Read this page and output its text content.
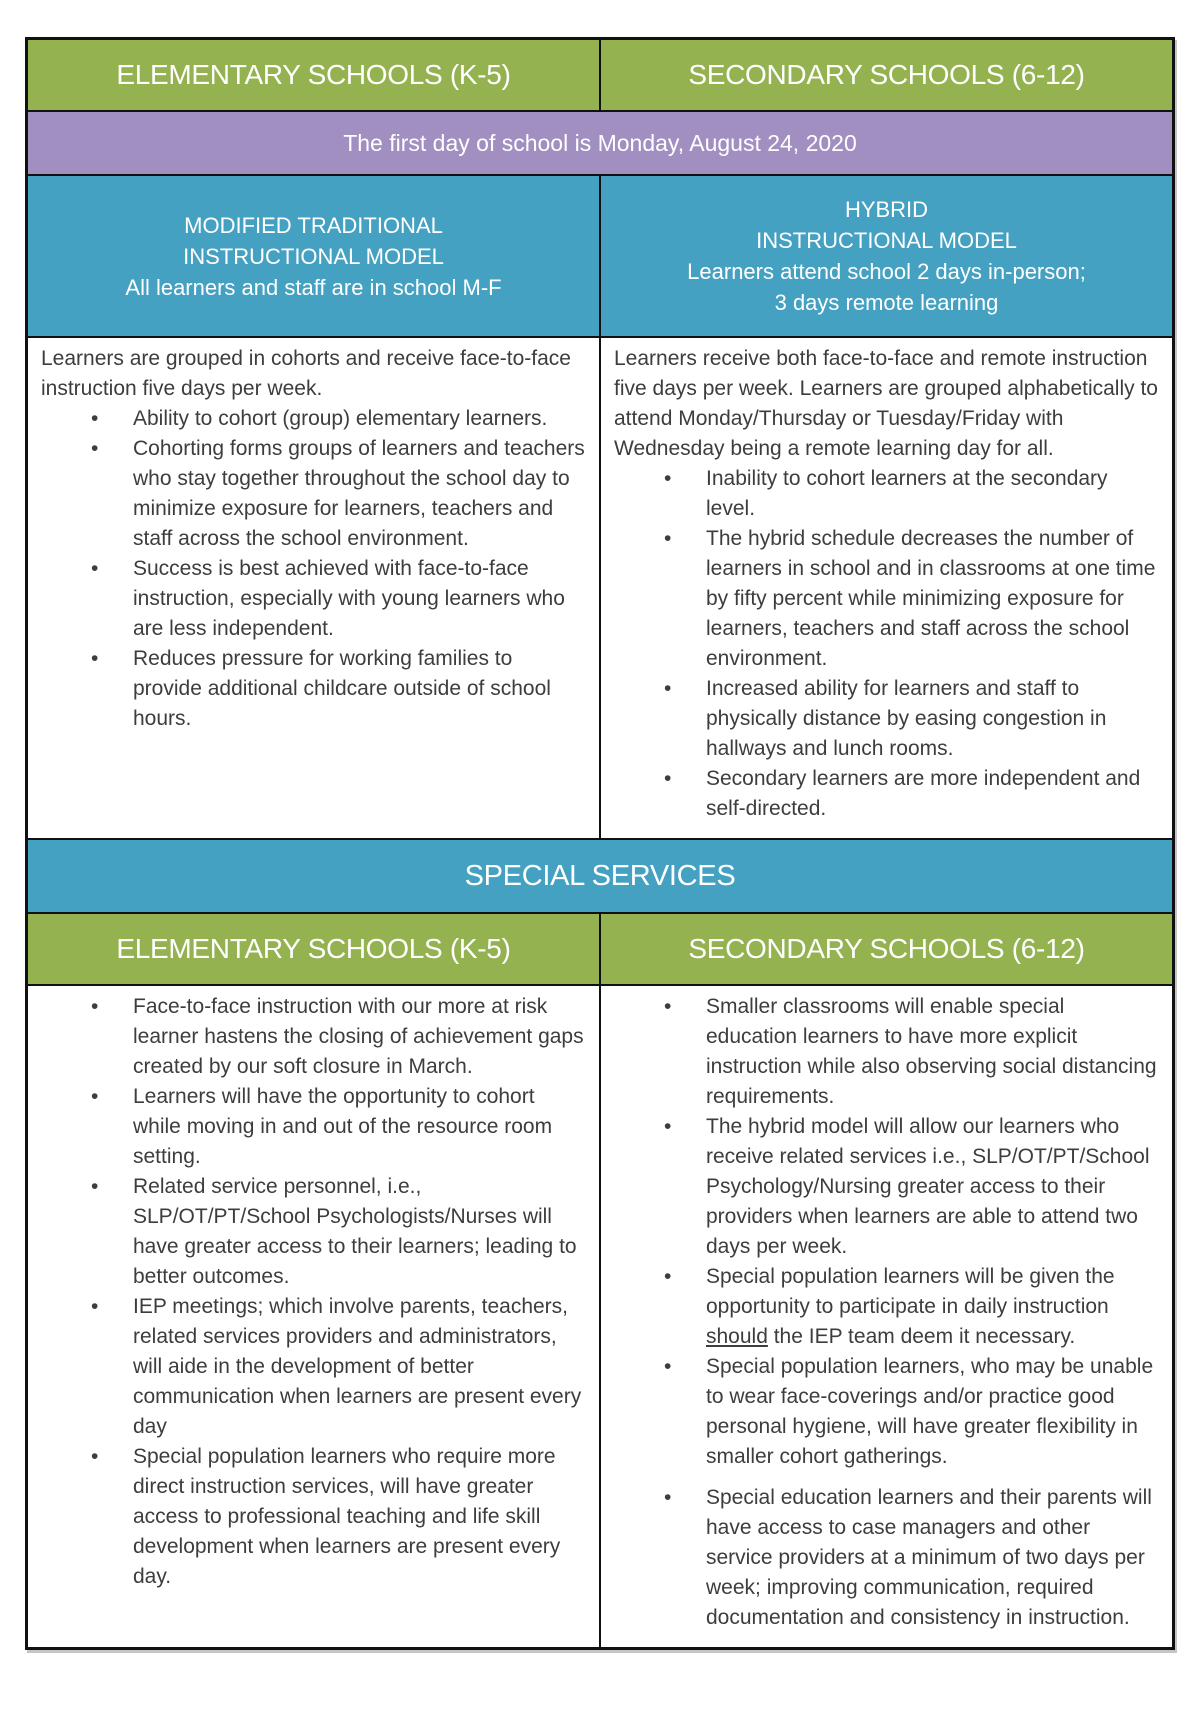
ELEMENTARY SCHOOLS (K-5)	SECONDARY SCHOOLS (6-12)
The first day of school is Monday, August 24, 2020
MODIFIED TRADITIONAL
INSTRUCTIONAL MODEL
All learners and staff are in school M-F
HYBRID
INSTRUCTIONAL MODEL
Learners attend school 2 days in-person;
3 days remote learning

Learners are grouped in cohorts and receive face-to-face instruction five days per week.

• Ability to cohort (group) elementary learners.
• Cohorting forms groups of learners and teachers who stay together throughout the school day to minimize exposure for learners, teachers and staff across the school environment.
• Success is best achieved with face-to-face instruction, especially with young learners who are less independent.
• Reduces pressure for working families to provide additional childcare outside of school hours.

Learners receive both face-to-face and remote instruction five days per week. Learners are grouped alphabetically to attend Monday/Thursday or Tuesday/Friday with Wednesday being a remote learning day for all.

• Inability to cohort learners at the secondary level.
• The hybrid schedule decreases the number of learners in school and in classrooms at one time by fifty percent while minimizing exposure for learners, teachers and staff across the school environment.
• Increased ability for learners and staff to physically distance by easing congestion in hallways and lunch rooms.
• Secondary learners are more independent and self-directed.
SPECIAL SERVICES
ELEMENTARY SCHOOLS (K-5)	SECONDARY SCHOOLS (6-12)
• Face-to-face instruction with our more at risk learner hastens the closing of achievement gaps created by our soft closure in March.
• Learners will have the opportunity to cohort while moving in and out of the resource room setting.
• Related service personnel, i.e., SLP/OT/PT/School Psychologists/Nurses will have greater access to their learners; leading to better outcomes.
• IEP meetings; which involve parents, teachers, related services providers and administrators, will aide in the development of better communication when learners are present every day
• Special population learners who require more direct instruction services, will have greater access to professional teaching and life skill development when learners are present every day.
• Smaller classrooms will enable special education learners to have more explicit instruction while also observing social distancing requirements.
• The hybrid model will allow our learners who receive related services i.e., SLP/OT/PT/School Psychology/Nursing greater access to their providers when learners are able to attend two days per week.
• Special population learners will be given the opportunity to participate in daily instruction should the IEP team deem it necessary.
• Special population learners, who may be unable to wear face-coverings and/or practice good personal hygiene, will have greater flexibility in smaller cohort gatherings.
• Special education learners and their parents will have access to case managers and other service providers at a minimum of two days per week; improving communication, required documentation and consistency in instruction.
